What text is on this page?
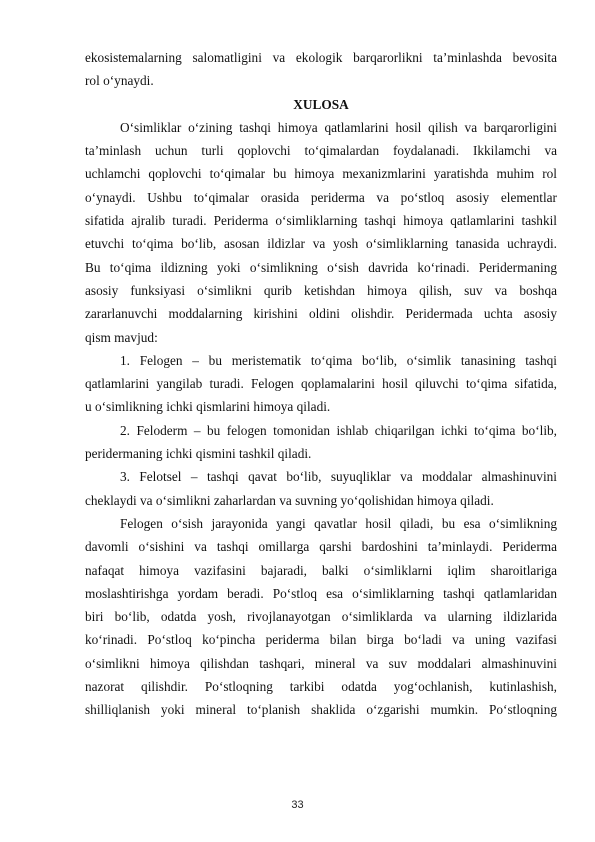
ekosistemalarning salomatligini va ekologik barqarorlikni ta’minlashda bevosita
rol o‘ynaydi.
XULOSA
O‘simliklar o‘zining tashqi himoya qatlamlarini hosil qilish va barqarorligini
ta’minlash uchun turli qoplovchi to‘qimalardan foydalanadi. Ikkilamchi va
uchlamchi qoplovchi to‘qimalar bu himoya mexanizmlarini yaratishda muhim rol
o‘ynaydi. Ushbu to‘qimalar orasida periderma va po‘stloq asosiy elementlar
sifatida ajralib turadi. Periderma o‘simliklarning tashqi himoya qatlamlarini tashkil
etuvchi to‘qima bo‘lib, asosan ildizlar va yosh o‘simliklarning tanasida uchraydi.
Bu to‘qima ildizning yoki o‘simlikning o‘sish davrida ko‘rinadi. Peridermaning
asosiy funksiyasi o‘simlikni qurib ketishdan himoya qilish, suv va boshqa
zararlanuvchi moddalarning kirishini oldini olishdir. Peridermada uchta asosiy
qism mavjud:
1. Felogen – bu meristematik to‘qima bo‘lib, o‘simlik tanasining tashqi
qatlamlarini yangilab turadi. Felogen qoplamalarini hosil qiluvchi to‘qima sifatida,
u o‘simlikning ichki qismlarini himoya qiladi.
2. Feloderm – bu felogen tomonidan ishlab chiqarilgan ichki to‘qima bo‘lib,
peridermaning ichki qismini tashkil qiladi.
3. Felotsel – tashqi qavat bo‘lib, suyuqliklar va moddalar almashinuvini
cheklaydi va o‘simlikni zaharlardan va suvning yo‘qolishidan himoya qiladi.
Felogen o‘sish jarayonida yangi qavatlar hosil qiladi, bu esa o‘simlikning
davomli o‘sishini va tashqi omillarga qarshi bardoshini ta’minlaydi. Periderma
nafaqat himoya vazifasini bajaradi, balki o‘simliklarni iqlim sharoitlariga
moslashtirishga yordam beradi. Po‘stloq esa o‘simliklarning tashqi qatlamlaridan
biri bo‘lib, odatda yosh, rivojlanayotgan o‘simliklarda va ularning ildizlarida
ko‘rinadi. Po‘stloq ko‘pincha periderma bilan birga bo‘ladi va uning vazifasi
o‘simlikni himoya qilishdan tashqari, mineral va suv moddalari almashinuvini
nazorat qilishdir. Po‘stloqning tarkibi odatda yog‘ochlanish, kutinlashish,
shilliqlanish yoki mineral to‘planish shaklida o‘zgarishi mumkin. Po‘stloqning
33
